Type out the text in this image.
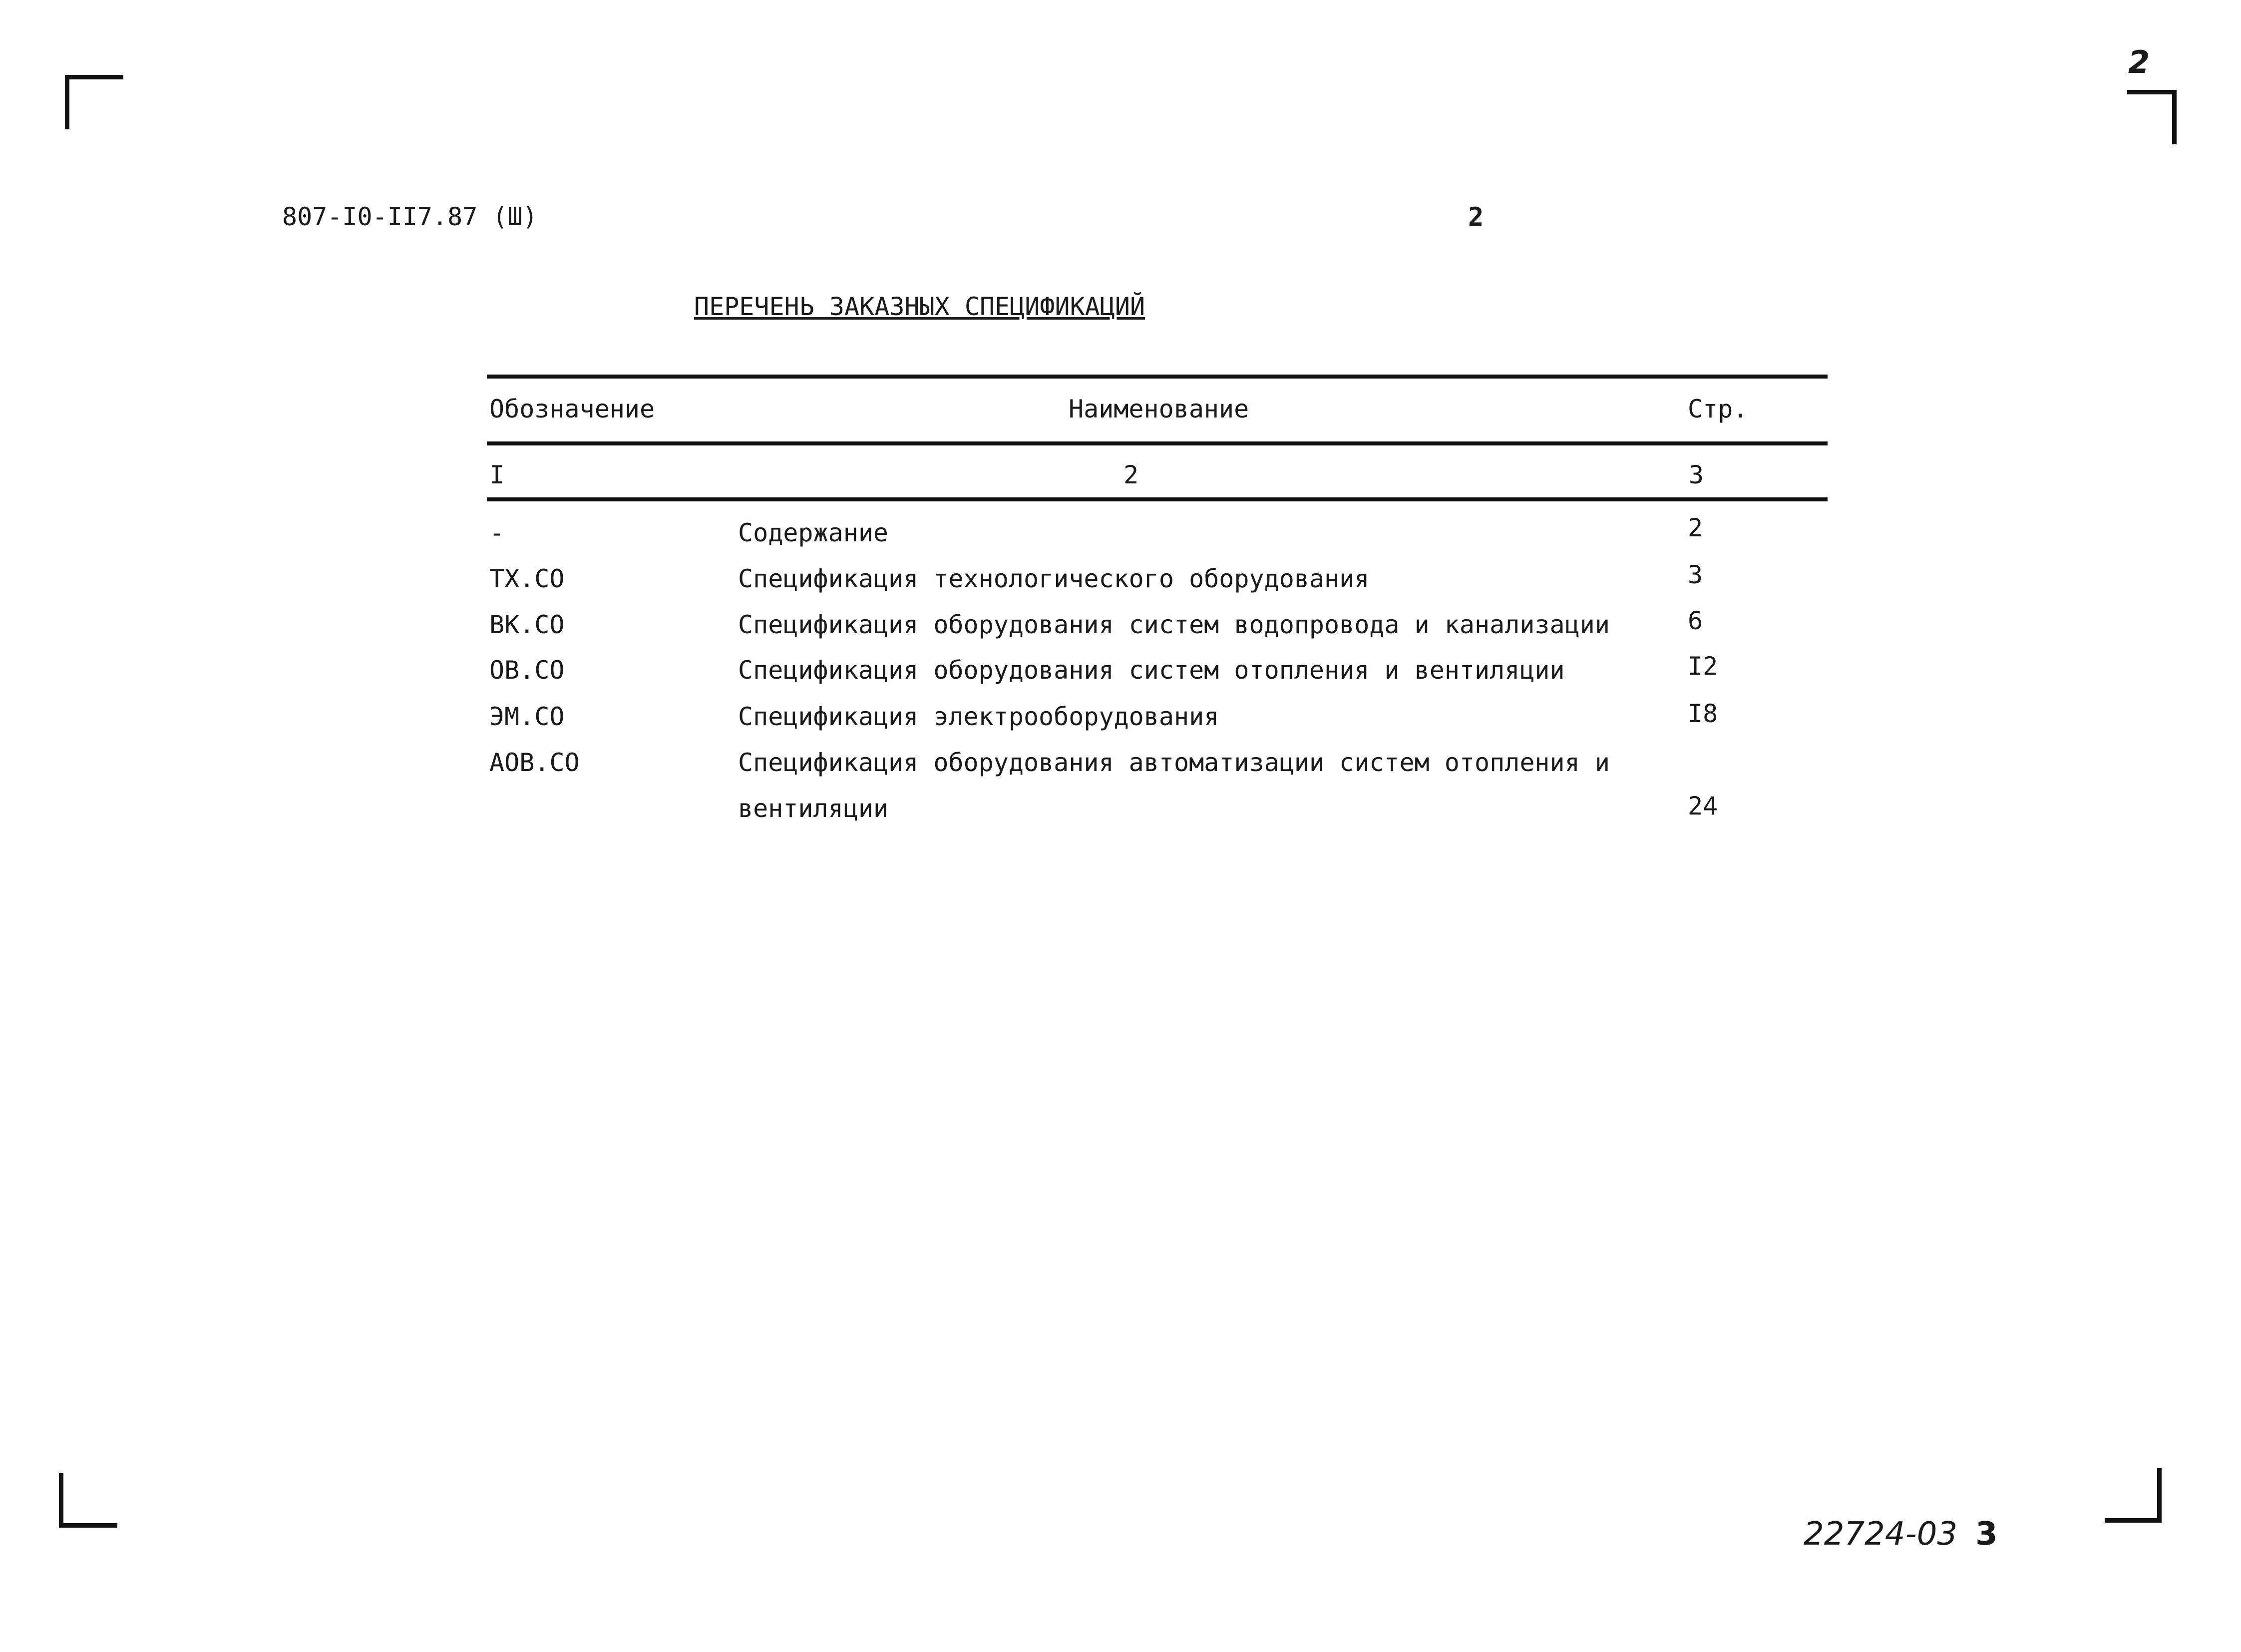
2
807-I0-II7.87 (Ш)	2
ПЕРЕЧЕНЬ ЗАКАЗНЫХ СПЕЦИФИКАЦИЙ
Обозначение	Наименование	Стр.
I	2	3
-	Содержание	2
ТХ.СО	Спецификация технологического оборудования	3
ВК.СО	Спецификация оборудования систем водопровода и канализации	6
ОВ.СО	Спецификация оборудования систем отопления и вентиляции	I2
ЭМ.СО	Спецификация электрооборудования	I8
АОВ.СО	Спецификация оборудования автоматизации систем отопления и
вентиляции	24
22724-03 3
